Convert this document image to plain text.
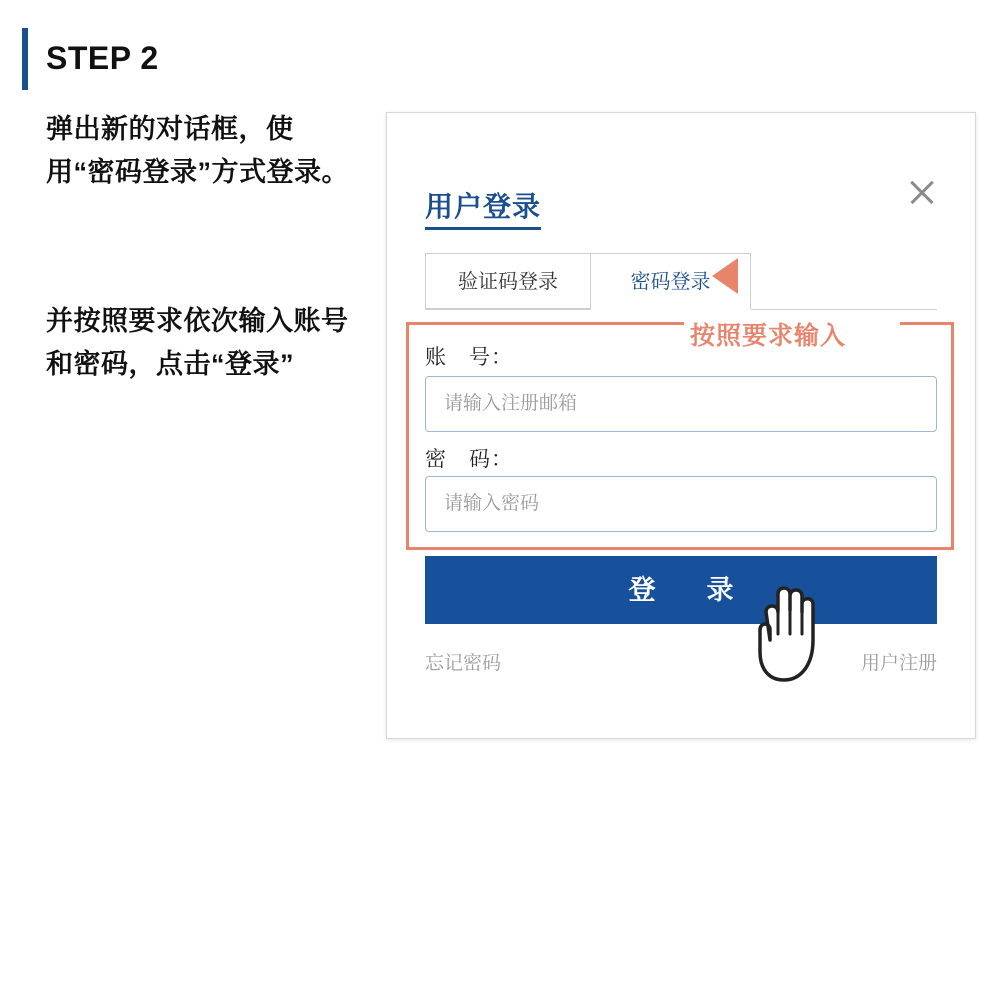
STEP 2
弹出新的对话框，使用“密码登录”方式登录。
并按照要求依次输入账号和密码，点击“登录”
用户登录
验证码登录	密码登录
账　号：
请输入注册邮箱
密　码：
请输入密码
登　录
忘记密码	用户注册
按照要求输入
